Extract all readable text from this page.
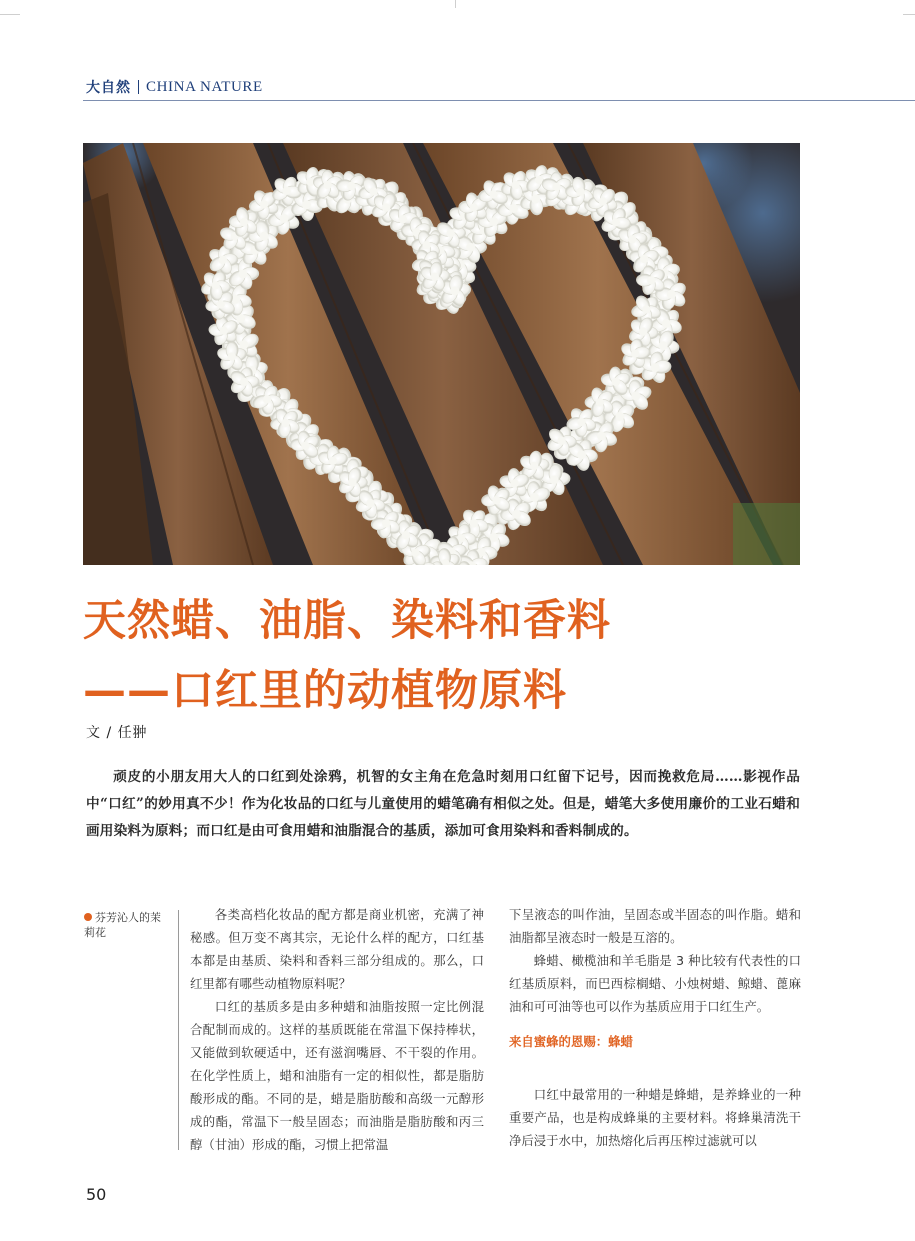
大自然 CHINA NATURE
天然蜡、油脂、染料和香料
——口红里的动植物原料
文 / 任翀
顽皮的小朋友用大人的口红到处涂鸦，机智的女主角在危急时刻用口红留下记号，因而挽救危局……影视作品中“口红”的妙用真不少！作为化妆品的口红与儿童使用的蜡笔确有相似之处。但是，蜡笔大多使用廉价的工业石蜡和画用染料为原料；而口红是由可食用蜡和油脂混合的基质，添加可食用染料和香料制成的。
芬芳沁人的茉莉花

各类高档化妆品的配方都是商业机密，充满了神秘感。但万变不离其宗，无论什么样的配方，口红基本都是由基质、染料和香料三部分组成的。那么，口红里都有哪些动植物原料呢？

口红的基质多是由多种蜡和油脂按照一定比例混合配制而成的。这样的基质既能在常温下保持棒状，又能做到软硬适中，还有滋润嘴唇、不干裂的作用。在化学性质上，蜡和油脂有一定的相似性，都是脂肪酸形成的酯。不同的是，蜡是脂肪酸和高级一元醇形成的酯，常温下一般呈固态；而油脂是脂肪酸和丙三醇（甘油）形成的酯，习惯上把常温

下呈液态的叫作油，呈固态或半固态的叫作脂。蜡和油脂都呈液态时一般是互溶的。

蜂蜡、橄榄油和羊毛脂是 3 种比较有代表性的口红基质原料，而巴西棕榈蜡、小烛树蜡、鲸蜡、蓖麻油和可可油等也可以作为基质应用于口红生产。

来自蜜蜂的恩赐：蜂蜡

口红中最常用的一种蜡是蜂蜡，是养蜂业的一种重要产品，也是构成蜂巢的主要材料。将蜂巢清洗干净后浸于水中，加热熔化后再压榨过滤就可以

50
